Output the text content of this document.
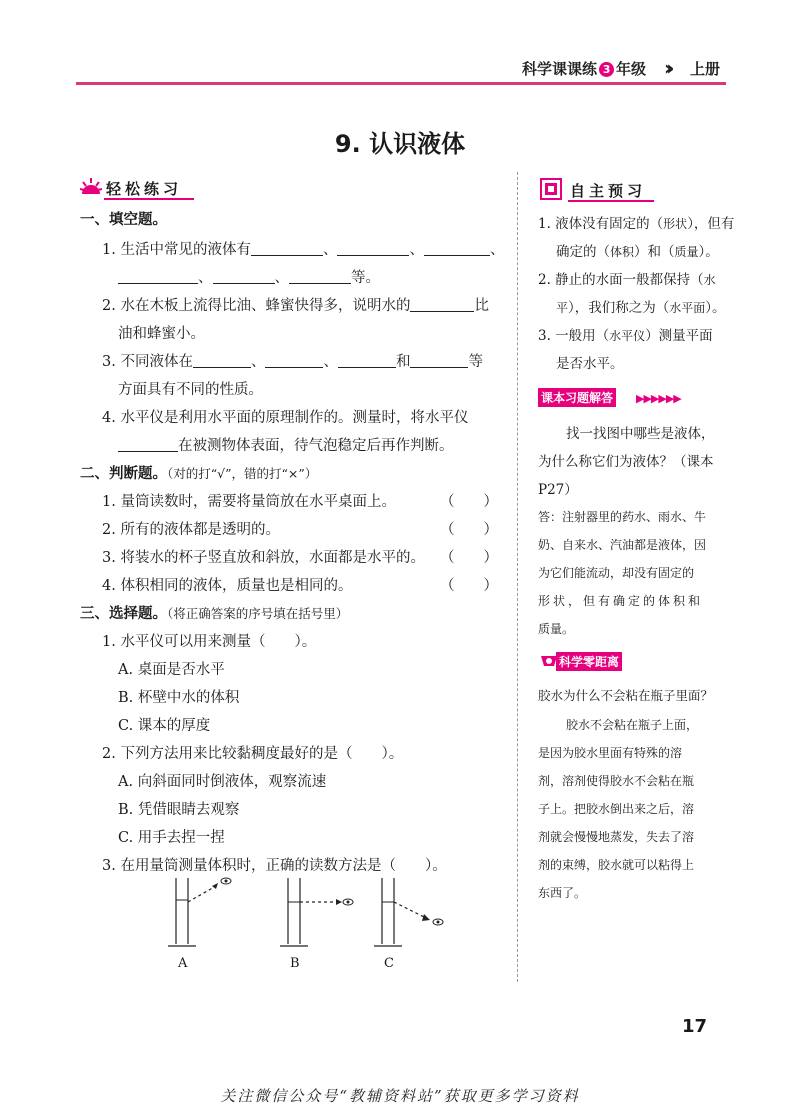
科学课课练 3 年级 ›› 上册
9. 认识液体
轻松练习
一、填空题。
1. 生活中常见的液体有	、	、	、
、	、	等。
2. 水在木板上流得比油、蜂蜜快得多，说明水的	比
油和蜂蜜小。
3. 不同液体在	、	、	和	等
方面具有不同的性质。
4. 水平仪是利用水平面的原理制作的。测量时，将水平仪
在被测物体表面，待气泡稳定后再作判断。
二、判断题。（对的打“√”，错的打“×”）
1. 量筒读数时，需要将量筒放在水平桌面上。	（　　）
2. 所有的液体都是透明的。	（　　）
3. 将装水的杯子竖直放和斜放，水面都是水平的。 （　　）
4. 体积相同的液体，质量也是相同的。	（　　）
三、选择题。（将正确答案的序号填在括号里）
1. 水平仪可以用来测量（　　）。
A. 桌面是否水平
B. 杯壁中水的体积
C. 课本的厚度
2. 下列方法用来比较黏稠度最好的是（　　）。
A. 向斜面同时倒液体，观察流速
B. 凭借眼睛去观察
C. 用手去捏一捏
3. 在用量筒测量体积时，正确的读数方法是（　　）。
A	B	C
自主预习
1. 液体没有固定的（形状），但有
确定的（体积）和（质量）。
2. 静止的水面一般都保持（水
平），我们称之为（水平面）。
3. 一般用（水平仪）测量平面
是否水平。
课本习题解答 ▶▶▶▶▶▶
找一找图中哪些是液体，
为什么称它们为液体？（课本
P27）
答：注射器里的药水、雨水、牛
奶、自来水、汽油都是液体，因
为它们能流动，却没有固定的
形状，但有确定的体积和
质量。
科学零距离
胶水为什么不会粘在瓶子里面？
胶水不会粘在瓶子上面，
是因为胶水里面有特殊的溶
剂，溶剂使得胶水不会粘在瓶
子上。把胶水倒出来之后，溶
剂就会慢慢地蒸发，失去了溶
剂的束缚，胶水就可以粘得上
东西了。
17
关注微信公众号“教辅资料站”获取更多学习资料
